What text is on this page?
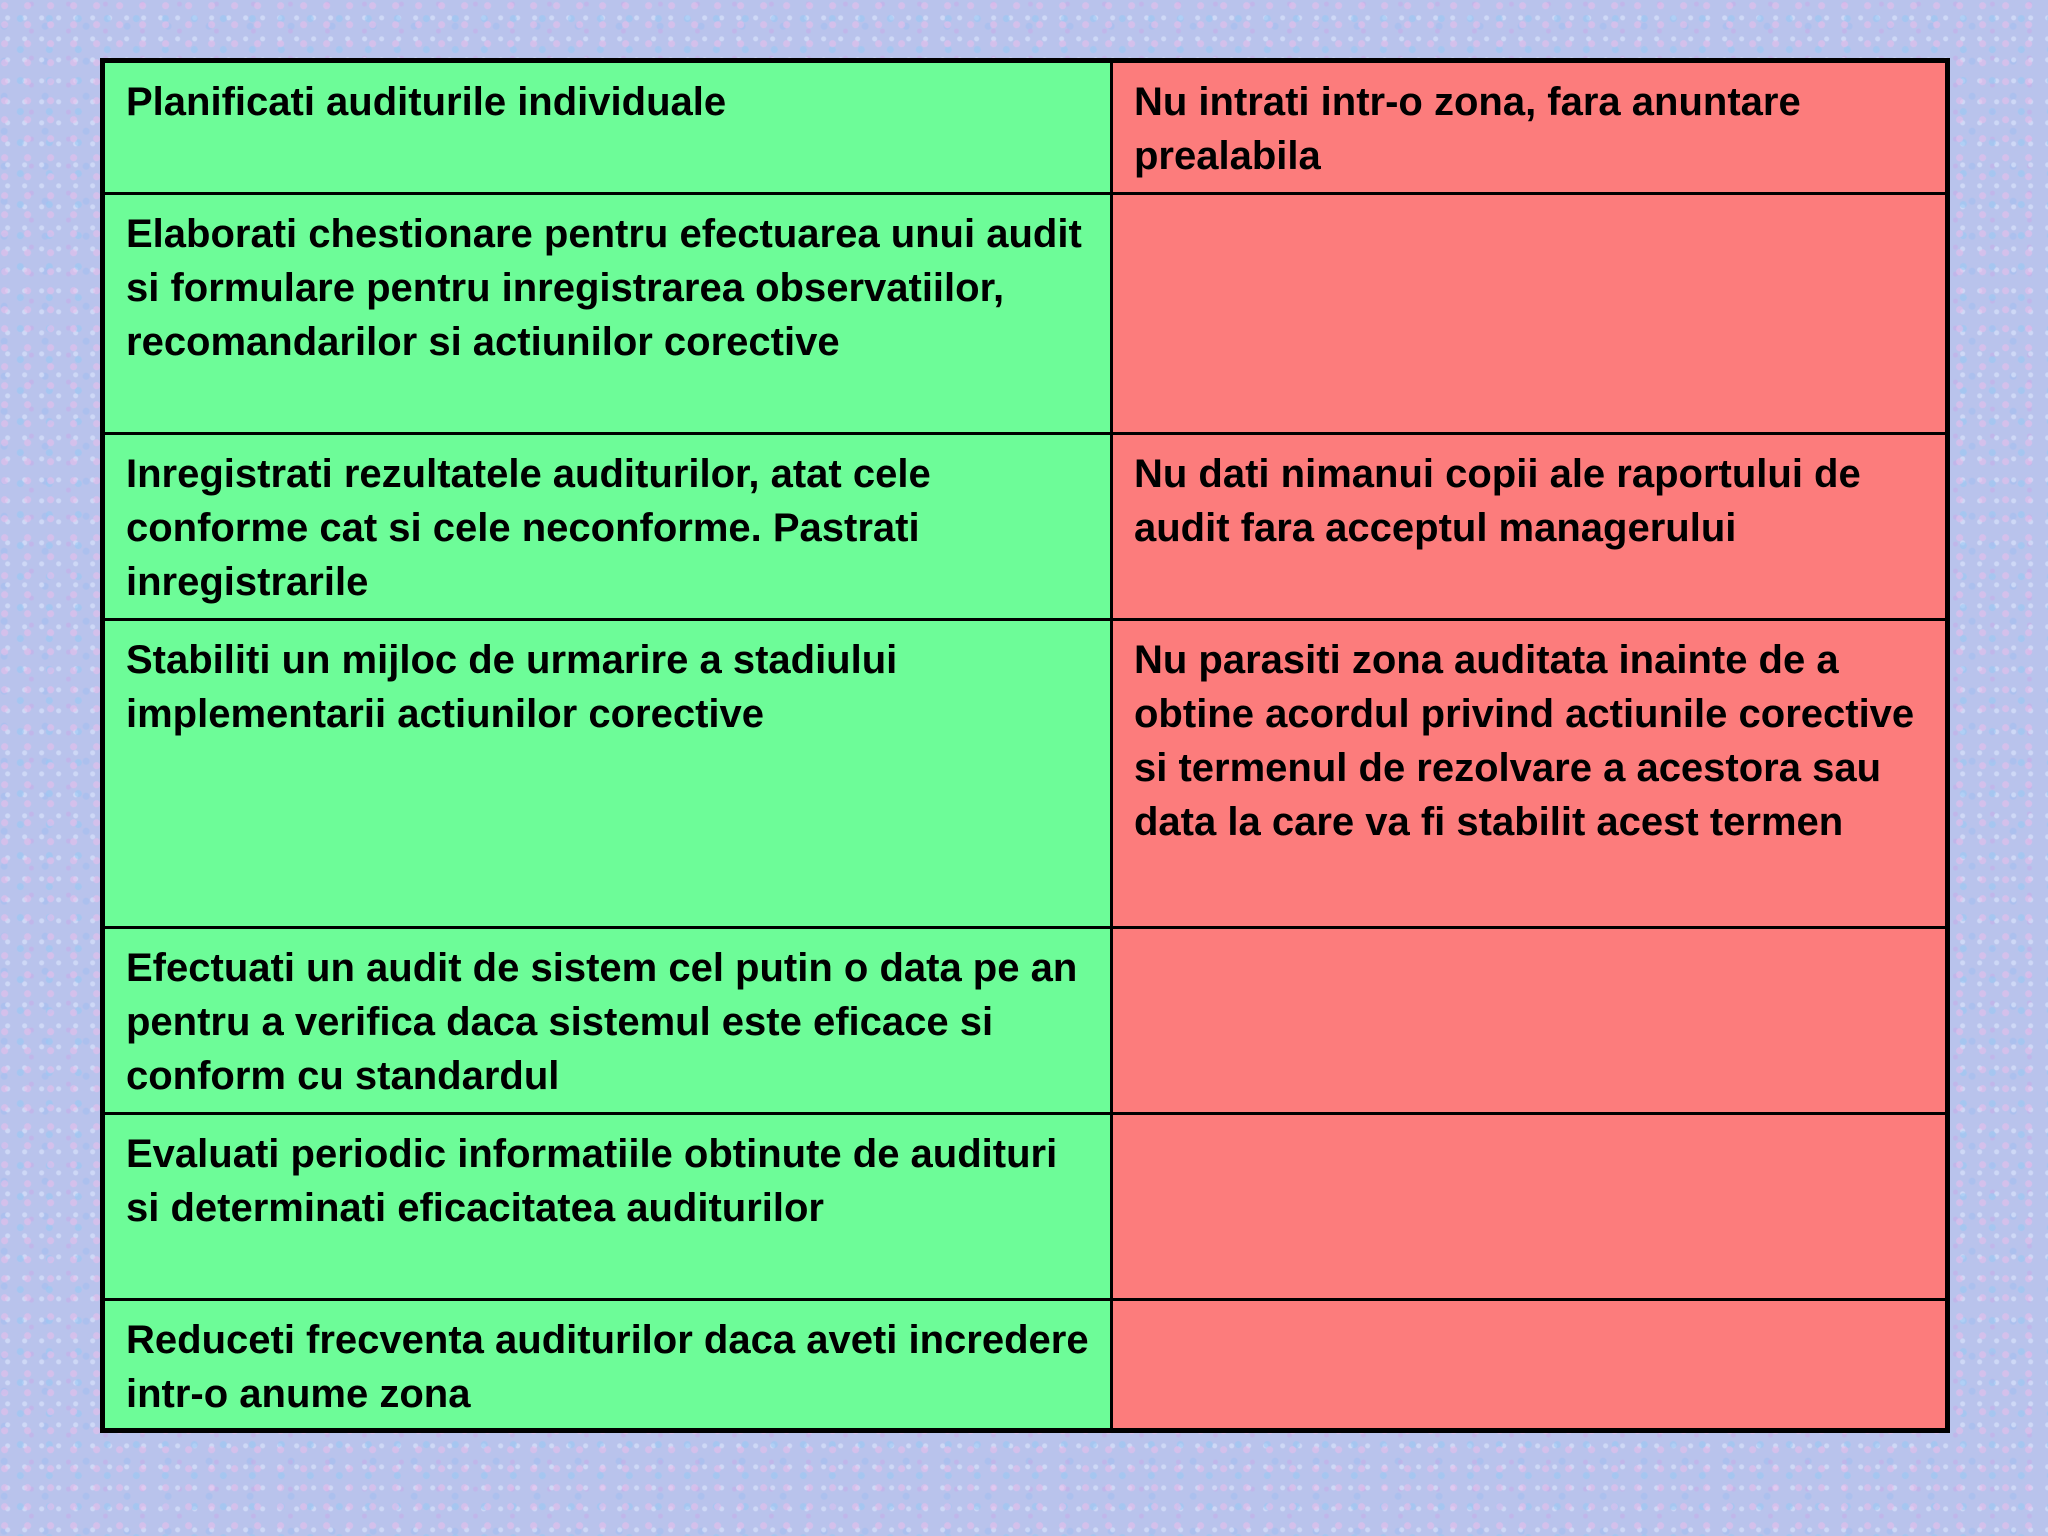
Planificati auditurile individuale	Nu intrati intr-o zona, fara anuntare prealabila
Elaborati chestionare pentru efectuarea unui audit si formulare pentru inregistrarea observatiilor, recomandarilor si actiunilor corective	
Inregistrati rezultatele auditurilor, atat cele conforme cat si cele neconforme. Pastrati inregistrarile	Nu dati nimanui copii ale raportului de audit fara acceptul managerului
Stabiliti un mijloc de urmarire a stadiului implementarii actiunilor corective	Nu parasiti zona auditata inainte de a obtine acordul privind actiunile corective si termenul de rezolvare a acestora sau data la care va fi stabilit acest termen
Efectuati un audit de sistem cel putin o data pe an pentru a verifica daca sistemul este eficace si conform cu standardul	
Evaluati periodic informatiile obtinute de audituri si determinati eficacitatea auditurilor	
Reduceti frecventa auditurilor daca aveti incredere intr-o anume zona	
